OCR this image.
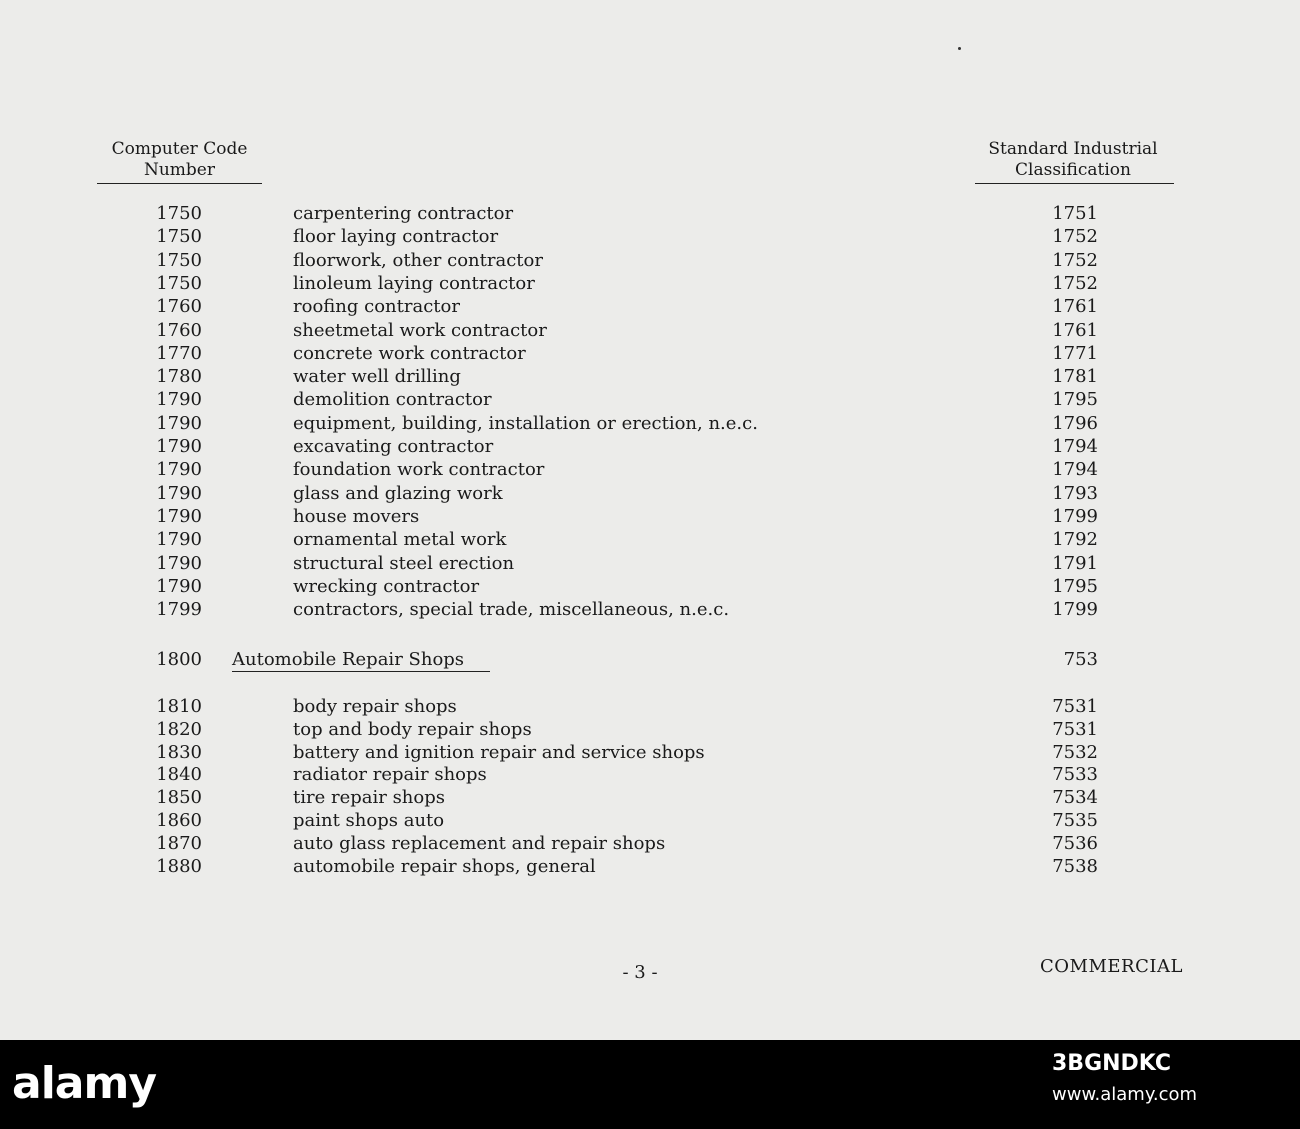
Computer Code Number
Standard Industrial Classification
1750	carpentering contractor	1751
1750	floor laying contractor	1752
1750	floorwork, other contractor	1752
1750	linoleum laying contractor	1752
1760	roofing contractor	1761
1760	sheetmetal work contractor	1761
1770	concrete work contractor	1771
1780	water well drilling	1781
1790	demolition contractor	1795
1790	equipment, building, installation or erection, n.e.c.	1796
1790	excavating contractor	1794
1790	foundation work contractor	1794
1790	glass and glazing work	1793
1790	house movers	1799
1790	ornamental metal work	1792
1790	structural steel erection	1791
1790	wrecking contractor	1795
1799	contractors, special trade, miscellaneous, n.e.c.	1799
1800 Automobile Repair Shops	753
1810	body repair shops	7531
1820	top and body repair shops	7531
1830	battery and ignition repair and service shops	7532
1840	radiator repair shops	7533
1850	tire repair shops	7534
1860	paint shops auto	7535
1870	auto glass replacement and repair shops	7536
1880	automobile repair shops, general	7538
- 3 -	COMMERCIAL
alamy	3BGNDKC
www.alamy.com
